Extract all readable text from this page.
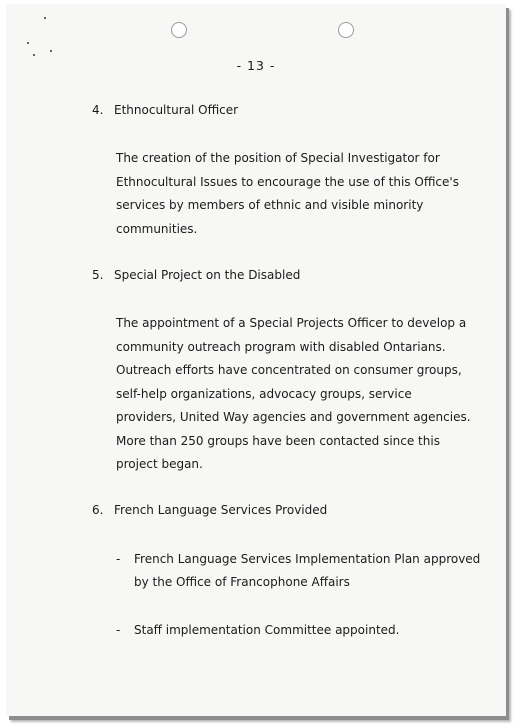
- 13 -
4. Ethnocultural Officer

The creation of the position of Special Investigator for

Ethnocultural Issues to encourage the use of this Office's

services by members of ethnic and visible minority

communities.

5. Special Project on the Disabled

The appointment of a Special Projects Officer to develop a

community outreach program with disabled Ontarians.

Outreach efforts have concentrated on consumer groups,

self-help organizations, advocacy groups, service

providers, United Way agencies and government agencies.

More than 250 groups have been contacted since this

project began.

6. French Language Services Provided
- French Language Services Implementation Plan approved

by the Office of Francophone Affairs

- Staff implementation Committee appointed.
